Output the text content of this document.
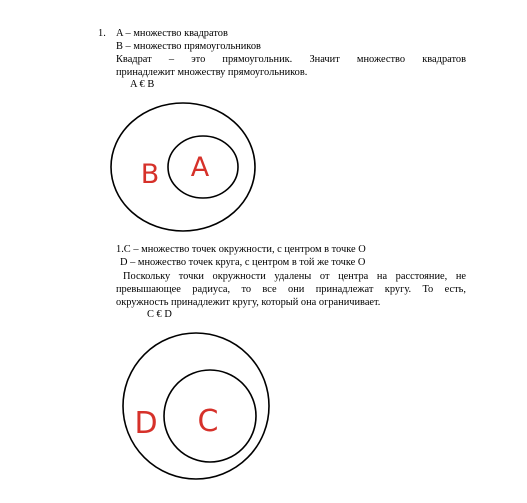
1. A – множество квадратов
B – множество прямоугольников
Квадрат – это прямоугольник. Значит множество квадратов
принадлежит множеству прямоугольников.
A € B
1.C – множество точек окружности, с центром в точке О
D – множество точек круга, с центром в той же точке О
Поскольку точки окружности удалены от центра на расстояние, не
превышающее радиуса, то все они принадлежат кругу. То есть,
окружность принадлежит кругу, который она ограничивает.
C € D
B A
D C
